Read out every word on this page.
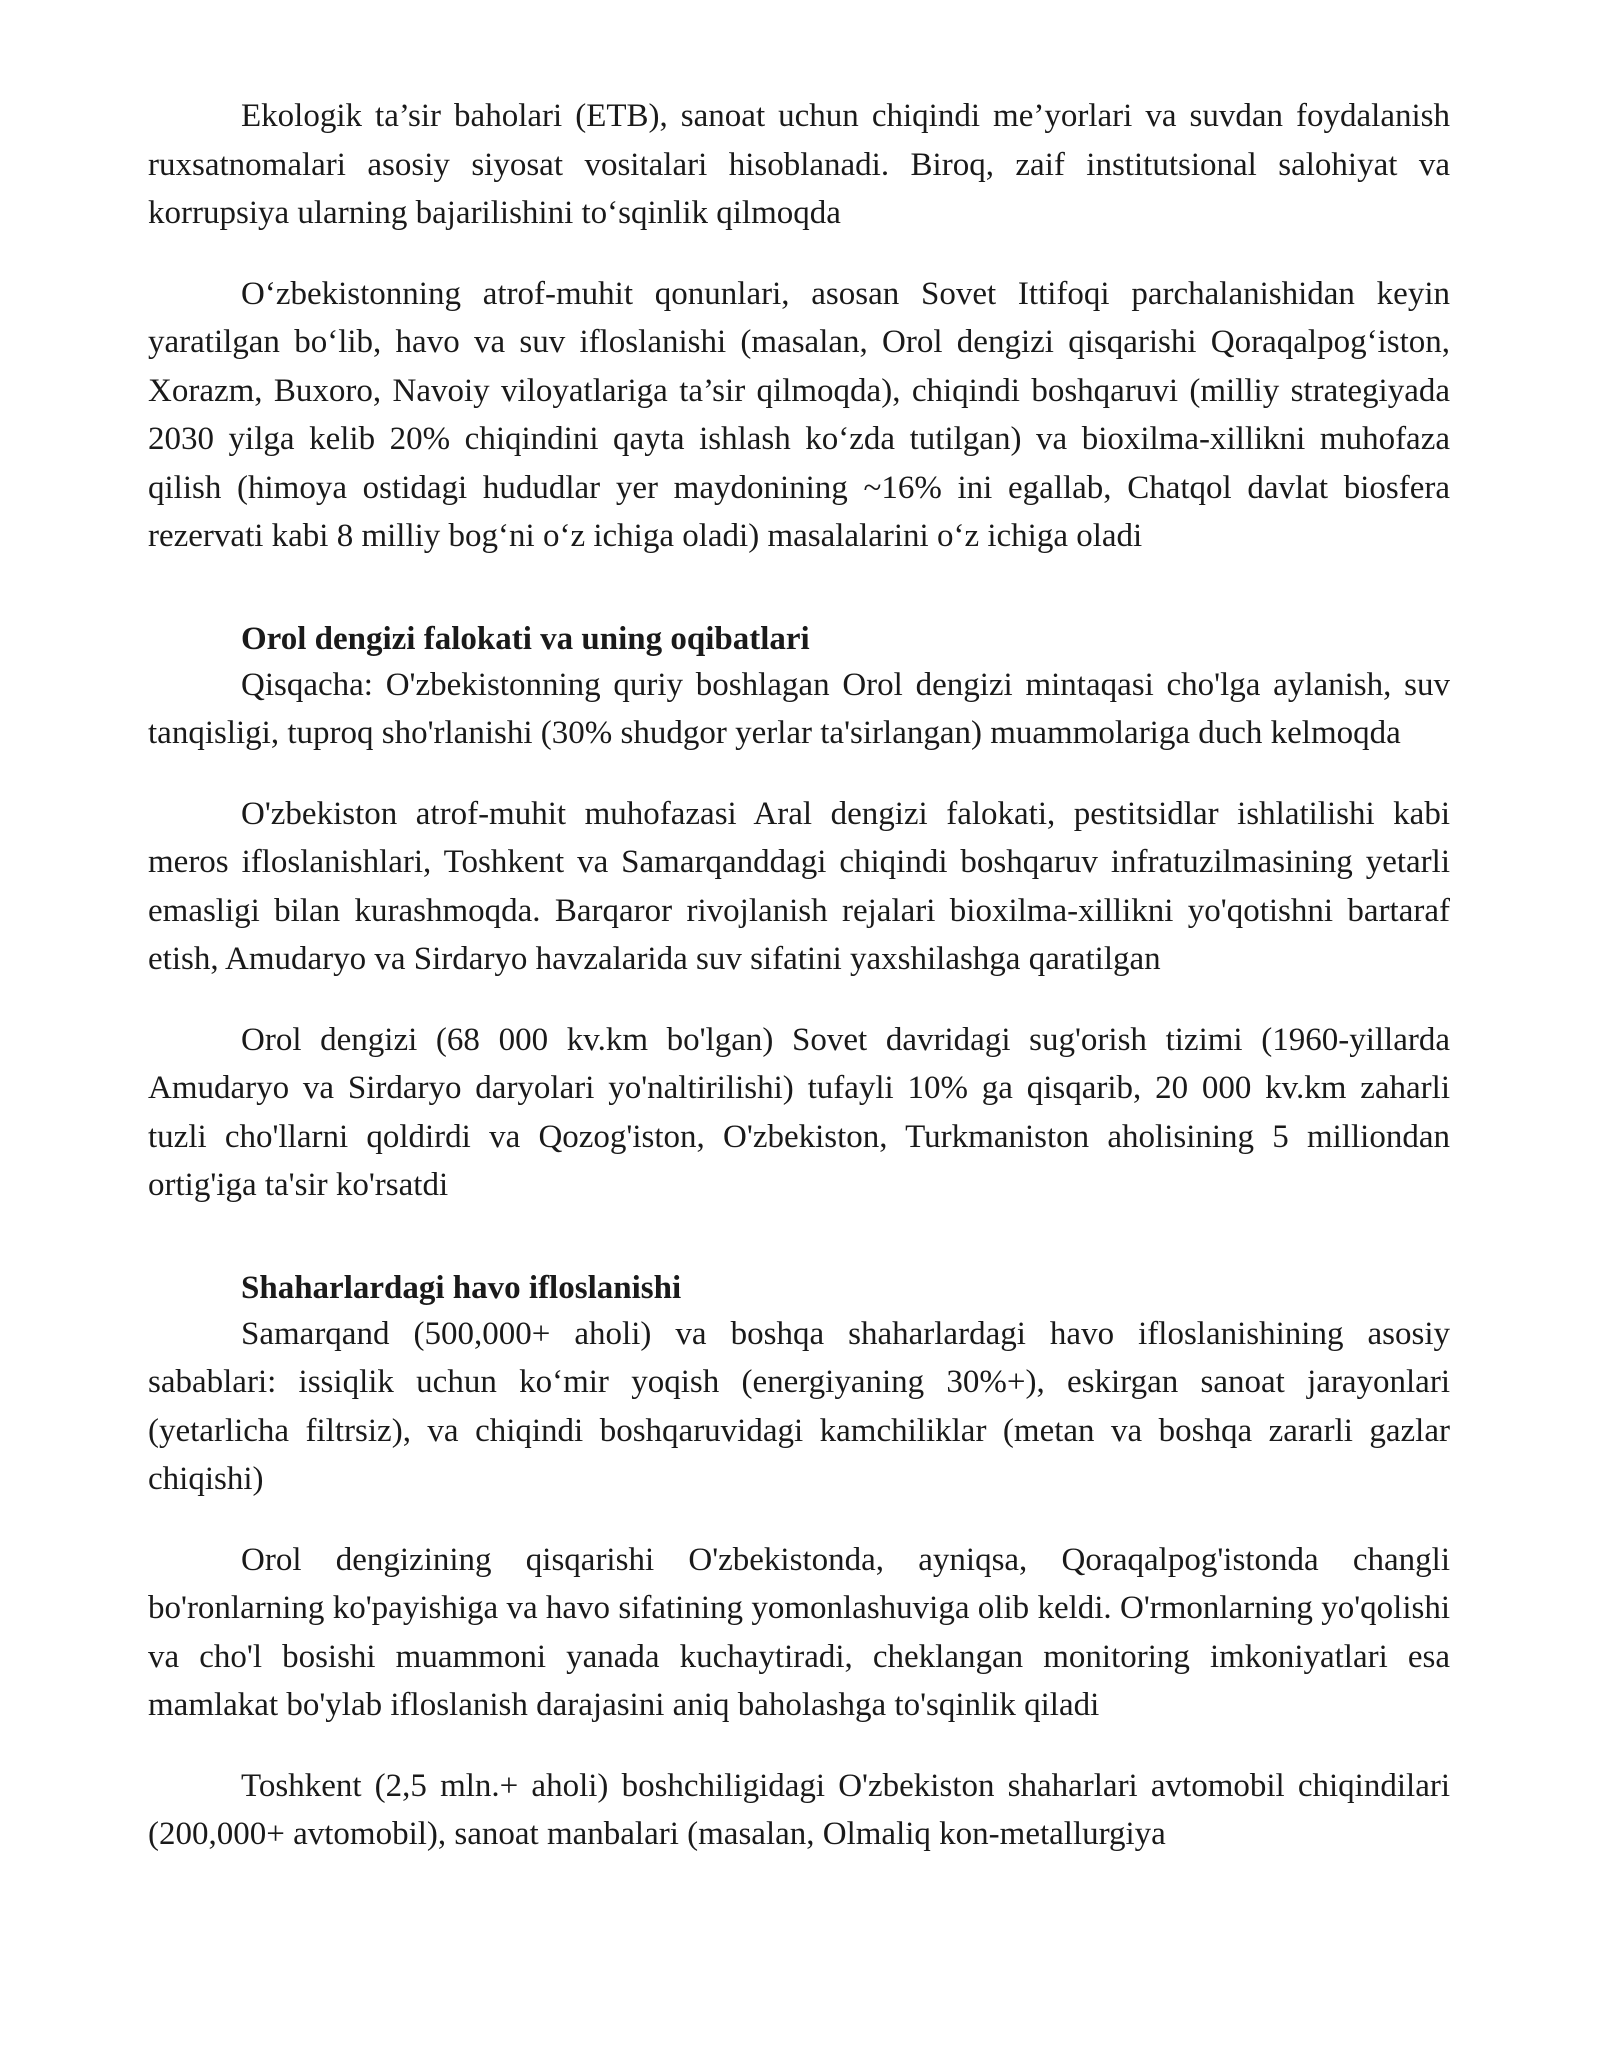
Ekologik ta’sir baholari (ETB), sanoat uchun chiqindi me’yorlari va suvdan foydalanish ruxsatnomalari asosiy siyosat vositalari hisoblanadi. Biroq, zaif institutsional salohiyat va korrupsiya ularning bajarilishini to‘sqinlik qilmoqda

O‘zbekistonning atrof-muhit qonunlari, asosan Sovet Ittifoqi parchalanishidan keyin yaratilgan bo‘lib, havo va suv ifloslanishi (masalan, Orol dengizi qisqarishi Qoraqalpog‘iston, Xorazm, Buxoro, Navoiy viloyatlariga ta’sir qilmoqda), chiqindi boshqaruvi (milliy strategiyada 2030 yilga kelib 20% chiqindini qayta ishlash ko‘zda tutilgan) va bioxilma-xillikni muhofaza qilish (himoya ostidagi hududlar yer maydonining ~16% ini egallab, Chatqol davlat biosfera rezervati kabi 8 milliy bog‘ni o‘z ichiga oladi) masalalarini o‘z ichiga oladi

Orol dengizi falokati va uning oqibatlari

Qisqacha: O'zbekistonning quriy boshlagan Orol dengizi mintaqasi cho'lga aylanish, suv tanqisligi, tuproq sho'rlanishi (30% shudgor yerlar ta'sirlangan) muammolariga duch kelmoqda

O'zbekiston atrof-muhit muhofazasi Aral dengizi falokati, pestitsidlar ishlatilishi kabi meros ifloslanishlari, Toshkent va Samarqanddagi chiqindi boshqaruv infratuzilmasining yetarli emasligi bilan kurashmoqda. Barqaror rivojlanish rejalari bioxilma-xillikni yo'qotishni bartaraf etish, Amudaryo va Sirdaryo havzalarida suv sifatini yaxshilashga qaratilgan

Orol dengizi (68 000 kv.km bo'lgan) Sovet davridagi sug'orish tizimi (1960-yillarda Amudaryo va Sirdaryo daryolari yo'naltirilishi) tufayli 10% ga qisqarib, 20 000 kv.km zaharli tuzli cho'llarni qoldirdi va Qozog'iston, O'zbekiston, Turkmaniston aholisining 5 milliondan ortig'iga ta'sir ko'rsatdi

Shaharlardagi havo ifloslanishi

Samarqand (500,000+ aholi) va boshqa shaharlardagi havo ifloslanishining asosiy sabablari: issiqlik uchun ko‘mir yoqish (energiyaning 30%+), eskirgan sanoat jarayonlari (yetarlicha filtrsiz), va chiqindi boshqaruvidagi kamchiliklar (metan va boshqa zararli gazlar chiqishi)

Orol dengizining qisqarishi O'zbekistonda, ayniqsa, Qoraqalpog'istonda changli bo'ronlarning ko'payishiga va havo sifatining yomonlashuviga olib keldi. O'rmonlarning yo'qolishi va cho'l bosishi muammoni yanada kuchaytiradi, cheklangan monitoring imkoniyatlari esa mamlakat bo'ylab ifloslanish darajasini aniq baholashga to'sqinlik qiladi

Toshkent (2,5 mln.+ aholi) boshchiligidagi O'zbekiston shaharlari avtomobil chiqindilari (200,000+ avtomobil), sanoat manbalari (masalan, Olmaliq kon-metallurgiya
